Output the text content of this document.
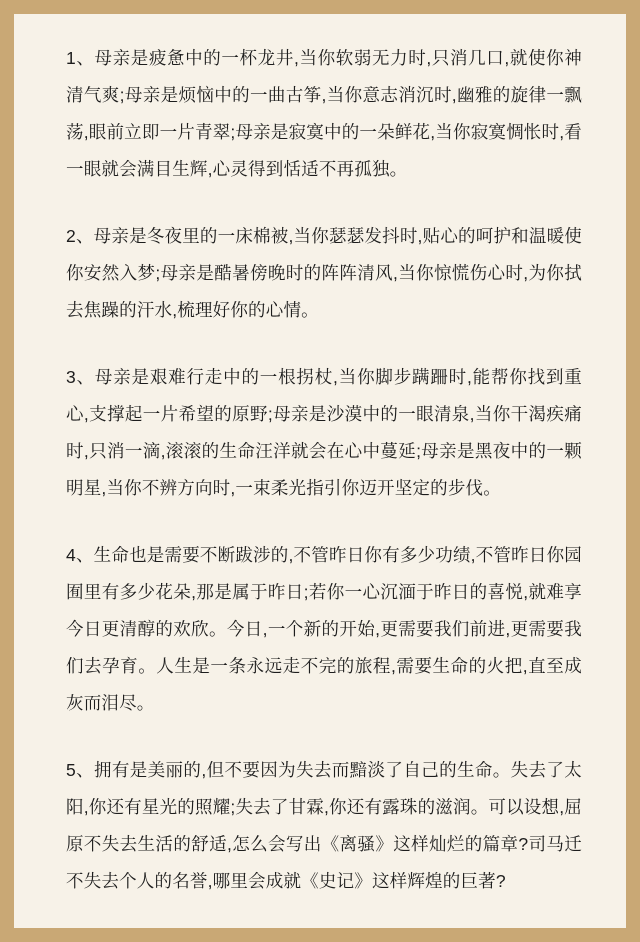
1、母亲是疲惫中的一杯龙井,当你软弱无力时,只消几口,就使你神清气爽;母亲是烦恼中的一曲古筝,当你意志消沉时,幽雅的旋律一飘荡,眼前立即一片青翠;母亲是寂寞中的一朵鲜花,当你寂寞惆怅时,看一眼就会满目生辉,心灵得到恬适不再孤独。

2、母亲是冬夜里的一床棉被,当你瑟瑟发抖时,贴心的呵护和温暖使你安然入梦;母亲是酷暑傍晚时的阵阵清风,当你惊慌伤心时,为你拭去焦躁的汗水,梳理好你的心情。

3、母亲是艰难行走中的一根拐杖,当你脚步蹒跚时,能帮你找到重心,支撑起一片希望的原野;母亲是沙漠中的一眼清泉,当你干渴疾痛时,只消一滴,滚滚的生命汪洋就会在心中蔓延;母亲是黑夜中的一颗明星,当你不辨方向时,一束柔光指引你迈开坚定的步伐。

4、生命也是需要不断跋涉的,不管昨日你有多少功绩,不管昨日你园囿里有多少花朵,那是属于昨日;若你一心沉湎于昨日的喜悦,就难享今日更清醇的欢欣。今日,一个新的开始,更需要我们前进,更需要我们去孕育。人生是一条永远走不完的旅程,需要生命的火把,直至成灰而泪尽。

5、拥有是美丽的,但不要因为失去而黯淡了自己的生命。失去了太阳,你还有星光的照耀;失去了甘霖,你还有露珠的滋润。可以设想,屈原不失去生活的舒适,怎么会写出《离骚》这样灿烂的篇章?司马迁不失去个人的名誉,哪里会成就《史记》这样辉煌的巨著?
